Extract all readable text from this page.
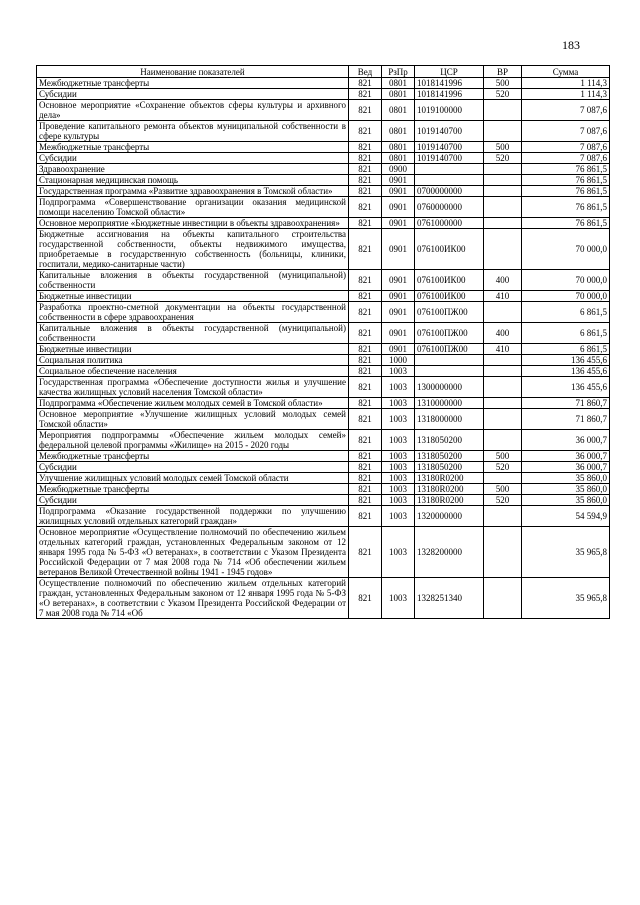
183
Наименование показателей	Вед	РзПр	ЦСР	ВР	Сумма
Межбюджетные трансферты	821	0801	1018141996	500	1 114,3
Субсидии	821	0801	1018141996	520	1 114,3
Основное мероприятие «Сохранение объектов сферы культуры и архивного дела»	821	0801	1019100000		7 087,6
Проведение капитального ремонта объектов муниципальной собственности в сфере культуры	821	0801	1019140700		7 087,6
Межбюджетные трансферты	821	0801	1019140700	500	7 087,6
Субсидии	821	0801	1019140700	520	7 087,6
Здравоохранение	821	0900			76 861,5
Стационарная медицинская помощь	821	0901			76 861,5
Государственная программа «Развитие здравоохранения в Томской области»	821	0901	0700000000		76 861,5
Подпрограмма «Совершенствование организации оказания медицинской помощи населению Томской области»	821	0901	0760000000		76 861,5
Основное мероприятие «Бюджетные инвестиции в объекты здравоохранения»	821	0901	0761000000		76 861,5
Бюджетные ассигнования на объекты капитального строительства государственной собственности, объекты недвижимого имущества, приобретаемые в государственную собственность (больницы, клиники, госпитали, медико-санитарные части)	821	0901	076100ИК00		70 000,0
Капитальные вложения в объекты государственной (муниципальной) собственности	821	0901	076100ИК00	400	70 000,0
Бюджетные инвестиции	821	0901	076100ИК00	410	70 000,0
Разработка проектно-сметной документации на объекты государственной собственности в сфере здравоохранения	821	0901	076100ПЖ00		6 861,5
Капитальные вложения в объекты государственной (муниципальной) собственности	821	0901	076100ПЖ00	400	6 861,5
Бюджетные инвестиции	821	0901	076100ПЖ00	410	6 861,5
Социальная политика	821	1000			136 455,6
Социальное обеспечение населения	821	1003			136 455,6
Государственная программа «Обеспечение доступности жилья и улучшение качества жилищных условий населения Томской области»	821	1003	1300000000		136 455,6
Подпрограмма «Обеспечение жильем молодых семей в Томской области»	821	1003	1310000000		71 860,7
Основное мероприятие «Улучшение жилищных условий молодых семей Томской области»	821	1003	1318000000		71 860,7
Мероприятия подпрограммы «Обеспечение жильем молодых семей» федеральной целевой программы «Жилище» на 2015 - 2020 годы	821	1003	1318050200		36 000,7
Межбюджетные трансферты	821	1003	1318050200	500	36 000,7
Субсидии	821	1003	1318050200	520	36 000,7
Улучшение жилищных условий молодых семей Томской области	821	1003	13180R0200		35 860,0
Межбюджетные трансферты	821	1003	13180R0200	500	35 860,0
Субсидии	821	1003	13180R0200	520	35 860,0
Подпрограмма «Оказание государственной поддержки по улучшению жилищных условий отдельных категорий граждан»	821	1003	1320000000		54 594,9
Основное мероприятие «Осуществление полномочий по обеспечению жильем отдельных категорий граждан, установленных Федеральным законом от 12 января 1995 года № 5-ФЗ «О ветеранах», в соответствии с Указом Президента Российской Федерации от 7 мая 2008 года № 714 «Об обеспечении жильем ветеранов Великой Отечественной войны 1941 - 1945 годов»	821	1003	1328200000		35 965,8
Осуществление полномочий по обеспечению жильем отдельных категорий граждан, установленных Федеральным законом от 12 января 1995 года № 5-ФЗ «О ветеранах», в соответствии с Указом Президента Российской Федерации от 7 мая 2008 года № 714 «Об	821	1003	1328251340		35 965,8
